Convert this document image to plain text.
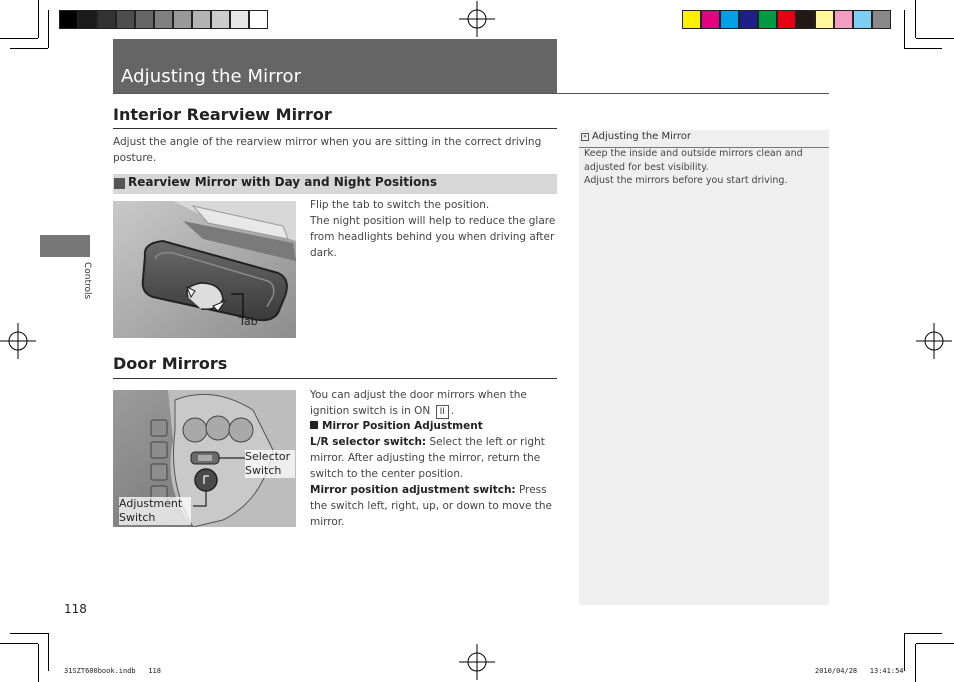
Adjusting the Mirror
Controls
Interior Rearview Mirror
Adjust the angle of the rearview mirror when you are sitting in the correct driving posture.
Rearview Mirror with Day and Night Positions
Tab
Flip the tab to switch the position.
The night position will help to reduce the glare from headlights behind you when driving after dark.
Door Mirrors
Selector Switch
Adjustment Switch
You can adjust the door mirrors when the ignition switch is in ON II .
Mirror Position Adjustment
L/R selector switch: Select the left or right mirror. After adjusting the mirror, return the switch to the center position.
Mirror position adjustment switch: Press the switch left, right, up, or down to move the mirror.
» Adjusting the Mirror
Keep the inside and outside mirrors clean and adjusted for best visibility.
Adjust the mirrors before you start driving.
118
31SZT600book.indb   118	2010/04/28   13:41:54
